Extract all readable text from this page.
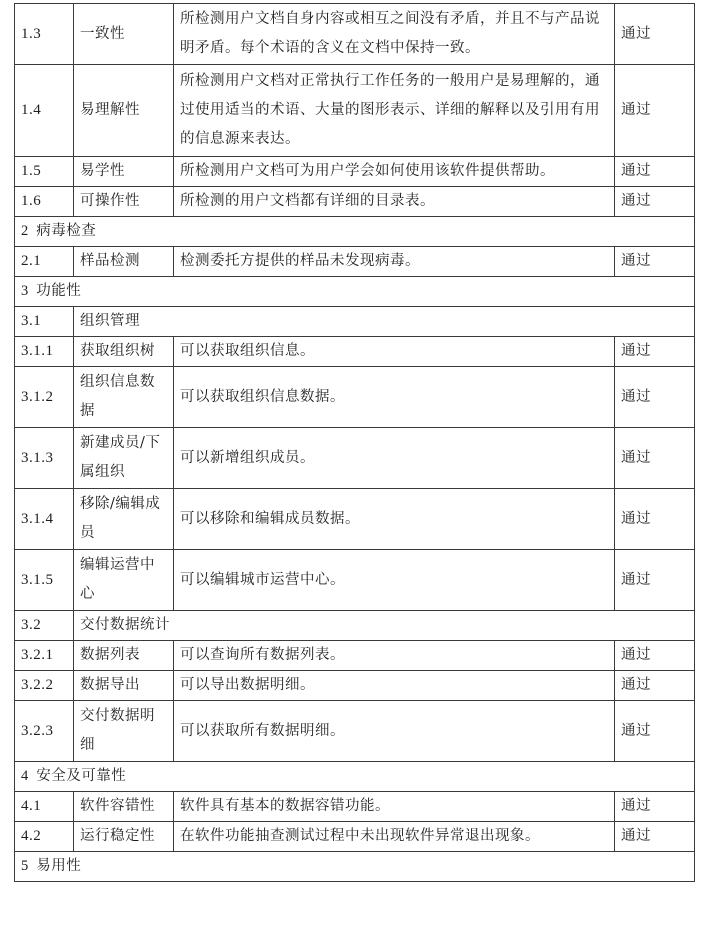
1.3	一致性	所检测用户文档自身内容或相互之间没有矛盾，并且不与产品说明矛盾。每个术语的含义在文档中保持一致。	通过
1.4	易理解性	所检测用户文档对正常执行工作任务的一般用户是易理解的，通过使用适当的术语、大量的图形表示、详细的解释以及引用有用的信息源来表达。	通过
1.5	易学性	所检测用户文档可为用户学会如何使用该软件提供帮助。	通过
1.6	可操作性	所检测的用户文档都有详细的目录表。	通过
2 病毒检查			
2.1	样品检测	检测委托方提供的样品未发现病毒。	通过
3 功能性			
3.1	组织管理		
3.1.1	获取组织树	可以获取组织信息。	通过
3.1.2	组织信息数据	可以获取组织信息数据。	通过
3.1.3	新建成员/下属组织	可以新增组织成员。	通过
3.1.4	移除/编辑成员	可以移除和编辑成员数据。	通过
3.1.5	编辑运营中心	可以编辑城市运营中心。	通过
3.2	交付数据统计		
3.2.1	数据列表	可以查询所有数据列表。	通过
3.2.2	数据导出	可以导出数据明细。	通过
3.2.3	交付数据明细	可以获取所有数据明细。	通过
4 安全及可靠性			
4.1	软件容错性	软件具有基本的数据容错功能。	通过
4.2	运行稳定性	在软件功能抽查测试过程中未出现软件异常退出现象。	通过
5 易用性			
